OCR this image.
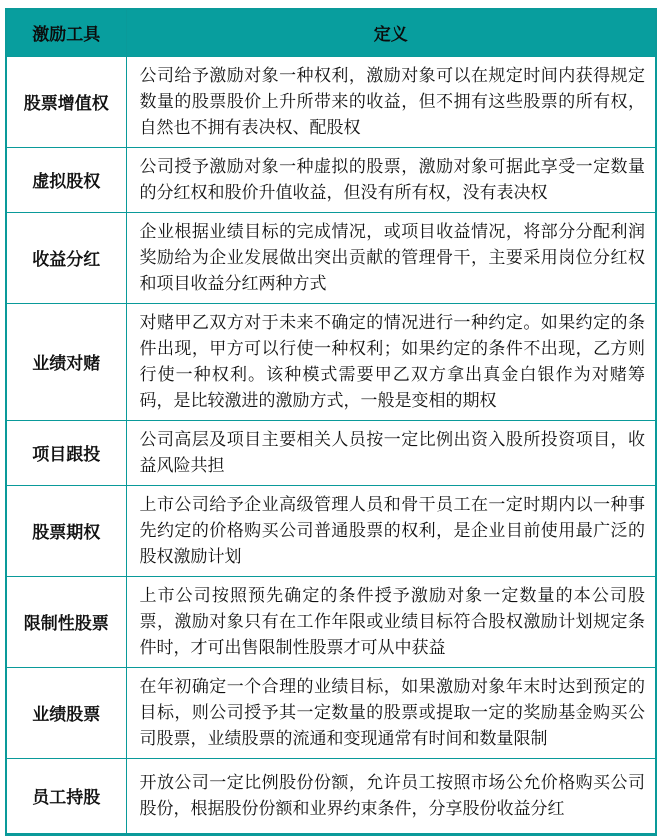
激励工具	定义
股票增值权	公司给予激励对象一种权利，激励对象可以在规定时间内获得规定数量的股票股价上升所带来的收益，但不拥有这些股票的所有权，自然也不拥有表决权、配股权
虚拟股权	公司授予激励对象一种虚拟的股票，激励对象可据此享受一定数量的分红权和股价升值收益，但没有所有权，没有表决权
收益分红	企业根据业绩目标的完成情况，或项目收益情况，将部分分配利润奖励给为企业发展做出突出贡献的管理骨干，主要采用岗位分红权和项目收益分红两种方式
业绩对赌	对赌甲乙双方对于未来不确定的情况进行一种约定。如果约定的条件出现，甲方可以行使一种权利；如果约定的条件不出现，乙方则行使一种权利。该种模式需要甲乙双方拿出真金白银作为对赌筹码，是比较激进的激励方式，一般是变相的期权
项目跟投	公司高层及项目主要相关人员按一定比例出资入股所投资项目，收益风险共担
股票期权	上市公司给予企业高级管理人员和骨干员工在一定时期内以一种事先约定的价格购买公司普通股票的权利，是企业目前使用最广泛的股权激励计划
限制性股票	上市公司按照预先确定的条件授予激励对象一定数量的本公司股票，激励对象只有在工作年限或业绩目标符合股权激励计划规定条件时，才可出售限制性股票才可从中获益
业绩股票	在年初确定一个合理的业绩目标，如果激励对象年末时达到预定的目标，则公司授予其一定数量的股票或提取一定的奖励基金购买公司股票，业绩股票的流通和变现通常有时间和数量限制
员工持股	开放公司一定比例股份份额，允许员工按照市场公允价格购买公司股份，根据股份份额和业界约束条件，分享股份收益分红
